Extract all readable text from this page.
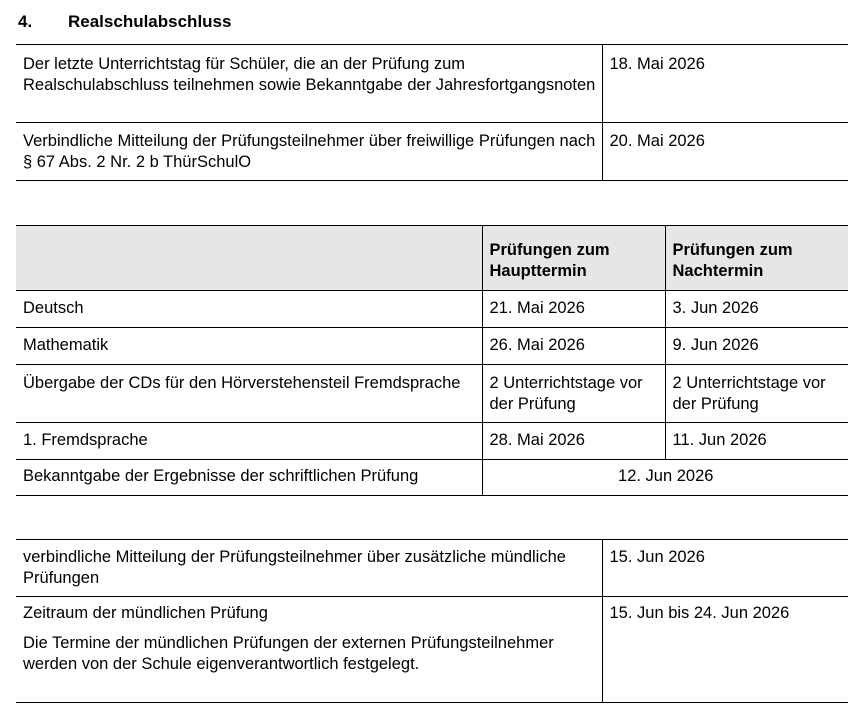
4. Realschulabschluss
Der letzte Unterrichtstag für Schüler, die an der Prüfung zum Realschulabschluss teilnehmen sowie Bekanntgabe der Jahresfortgangsnoten	18. Mai 2026
Verbindliche Mitteilung der Prüfungsteilnehmer über freiwillige Prüfungen nach § 67 Abs. 2 Nr. 2 b ThürSchulO	20. Mai 2026
	Prüfungen zum Haupttermin	Prüfungen zum Nachtermin
Deutsch	21. Mai 2026	3. Jun 2026
Mathematik	26. Mai 2026	9. Jun 2026
Übergabe der CDs für den Hörverstehensteil Fremdsprache	2 Unterrichtstage vor der Prüfung	2 Unterrichtstage vor der Prüfung
1. Fremdsprache	28. Mai 2026	11. Jun 2026
Bekanntgabe der Ergebnisse der schriftlichen Prüfung	12. Jun 2026	
verbindliche Mitteilung der Prüfungsteilnehmer über zusätzliche mündliche Prüfungen	15. Jun 2026

Zeitraum der mündlichen Prüfung
Die Termine der mündlichen Prüfungen der externen Prüfungsteilnehmer werden von der Schule eigenverantwortlich festgelegt.	15. Jun bis 24. Jun 2026
